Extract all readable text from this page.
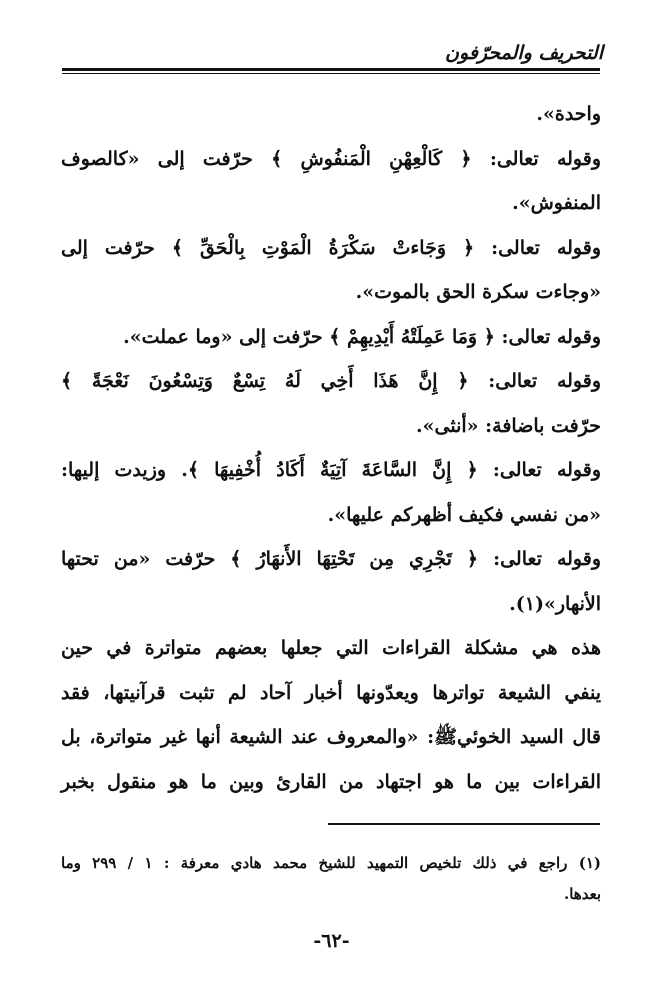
التحريف والمحرّفون
واحدة».
وقوله تعالى: ﴿ كَالْعِهْنِ الْمَنفُوشِ ﴾ حرّفت إلى «كالصوف
المنفوش».
وقوله تعالى: ﴿ وَجَاءتْ سَكْرَةُ الْمَوْتِ بِالْحَقِّ ﴾ حرّفت إلى
«وجاءت سكرة الحق بالموت».
وقوله تعالى: ﴿ وَمَا عَمِلَتْهُ أَيْدِيهِمْ ﴾ حرّفت إلى «وما عملت».
وقوله تعالى: ﴿ إِنَّ هَذَا أَخِي لَهُ تِسْعٌ وَتِسْعُونَ نَعْجَةً ﴾
حرّفت باضافة: «أنثى».
وقوله تعالى: ﴿ إِنَّ السَّاعَةَ آتِيَةٌ أَكَادُ أُخْفِيهَا ﴾. وزيدت إليها:
«من نفسي فكيف أظهركم عليها».
وقوله تعالى: ﴿ تَجْرِي مِن تَحْتِهَا الأَنهَارُ ﴾ حرّفت «من تحتها
الأنهار»(١).
هذه هي مشكلة القراءات التي جعلها بعضهم متواترة في حين
ينفي الشيعة تواترها ويعدّونها أخبار آحاد لم تثبت قرآنيتها، فقد
قال السيد الخوئيﷺ: «والمعروف عند الشيعة أنها غير متواترة، بل
القراءات بين ما هو اجتهاد من القارئ وبين ما هو منقول بخبر
(١) راجع في ذلك تلخيص التمهيد للشيخ محمد هادي معرفة : ١ / ٢٩٩ وما
بعدها.
-٦٢-
